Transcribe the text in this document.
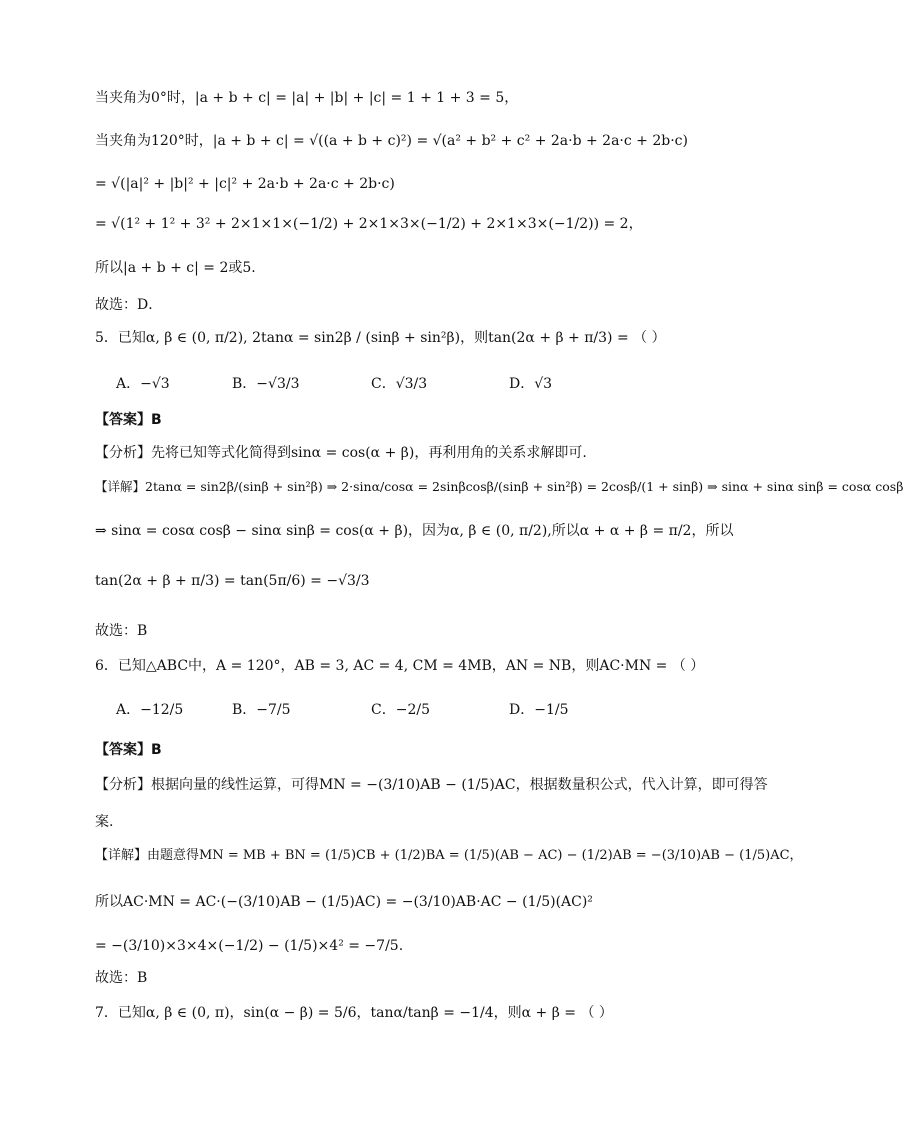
当夹角为0°时，|a + b + c| = |a| + |b| + |c| = 1 + 1 + 3 = 5，
当夹角为120°时，|a + b + c| = √((a + b + c)²) = √(a² + b² + c² + 2a·b + 2a·c + 2b·c)
= √(|a|² + |b|² + |c|² + 2a·b + 2a·c + 2b·c)
= √(1² + 1² + 3² + 2×1×1×(−1/2) + 2×1×3×(−1/2) + 2×1×3×(−1/2)) = 2，
所以|a + b + c| = 2或5.
故选：D．
5．已知α, β ∈ (0, π/2), 2tanα = sin2β / (sinβ + sin²β)，则tan(2α + β + π/3) = （ ）
A．−√3	B．−√3/3	C．√3/3	D．√3
【答案】B
【分析】先将已知等式化简得到sinα = cos(α + β)，再利用角的关系求解即可.
【详解】2tanα = sin2β/(sinβ + sin²β) ⇒ 2·sinα/cosα = 2sinβcosβ/(sinβ + sin²β) = 2cosβ/(1 + sinβ) ⇒ sinα + sinα sinβ = cosα cosβ
⇒ sinα = cosα cosβ − sinα sinβ = cos(α + β)，因为α, β ∈ (0, π/2),所以α + α + β = π/2，所以
tan(2α + β + π/3) = tan(5π/6) = −√3/3
故选：B
6．已知△ABC中，A = 120°，AB = 3, AC = 4, CM = 4MB，AN = NB，则AC·MN = （ ）
A．−12/5	B．−7/5	C．−2/5	D．−1/5
【答案】B
【分析】根据向量的线性运算，可得MN = −(3/10)AB − (1/5)AC，根据数量积公式，代入计算，即可得答
案.
【详解】由题意得MN = MB + BN = (1/5)CB + (1/2)BA = (1/5)(AB − AC) − (1/2)AB = −(3/10)AB − (1/5)AC，
所以AC·MN = AC·(−(3/10)AB − (1/5)AC) = −(3/10)AB·AC − (1/5)(AC)²
= −(3/10)×3×4×(−1/2) − (1/5)×4² = −7/5.
故选：B
7．已知α, β ∈ (0, π)，sin(α − β) = 5/6，tanα/tanβ = −1/4，则α + β = （ ）
